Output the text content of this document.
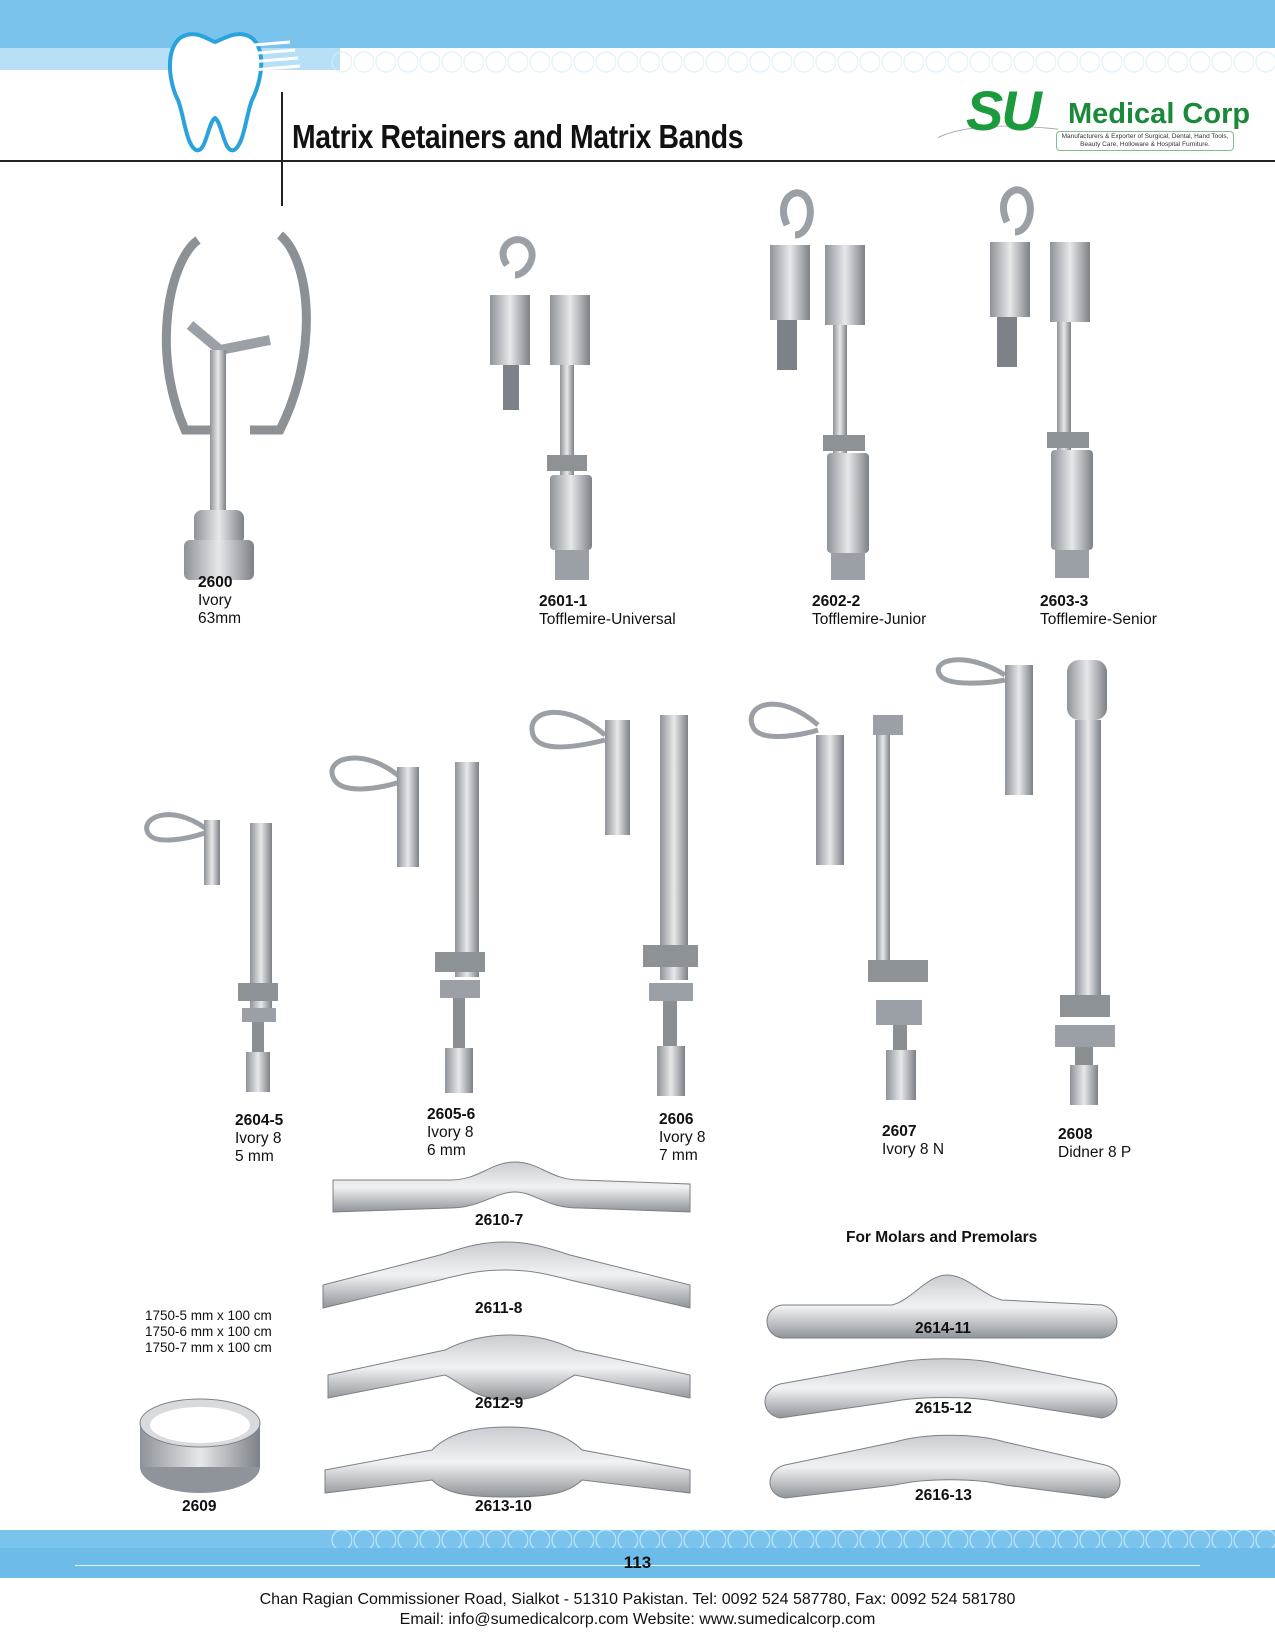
Matrix Retainers and Matrix Bands	SU Medical Corp
Manufacturers & Exporter of Surgical, Dental, Hand Tools,
Beauty Care, Holloware & Hospital Furniture.
2600
Ivory
63mm
2601-1
Tofflemire-Universal
2602-2
Tofflemire-Junior
2603-3
Tofflemire-Senior
2604-5
Ivory 8
5 mm
2605-6
Ivory 8
6 mm
2606
Ivory 8
7 mm
2607
Ivory 8 N
2608
Didner 8 P
2610-7
2611-8
2612-9
2613-10
For Molars and Premolars
2614-11
2615-12
2616-13
1750-5 mm x 100 cm
1750-6 mm x 100 cm
1750-7 mm x 100 cm
2609
113
Chan Ragian Commissioner Road, Sialkot - 51310 Pakistan. Tel: 0092 524 587780, Fax: 0092 524 581780
Email: info@sumedicalcorp.com Website: www.sumedicalcorp.com
